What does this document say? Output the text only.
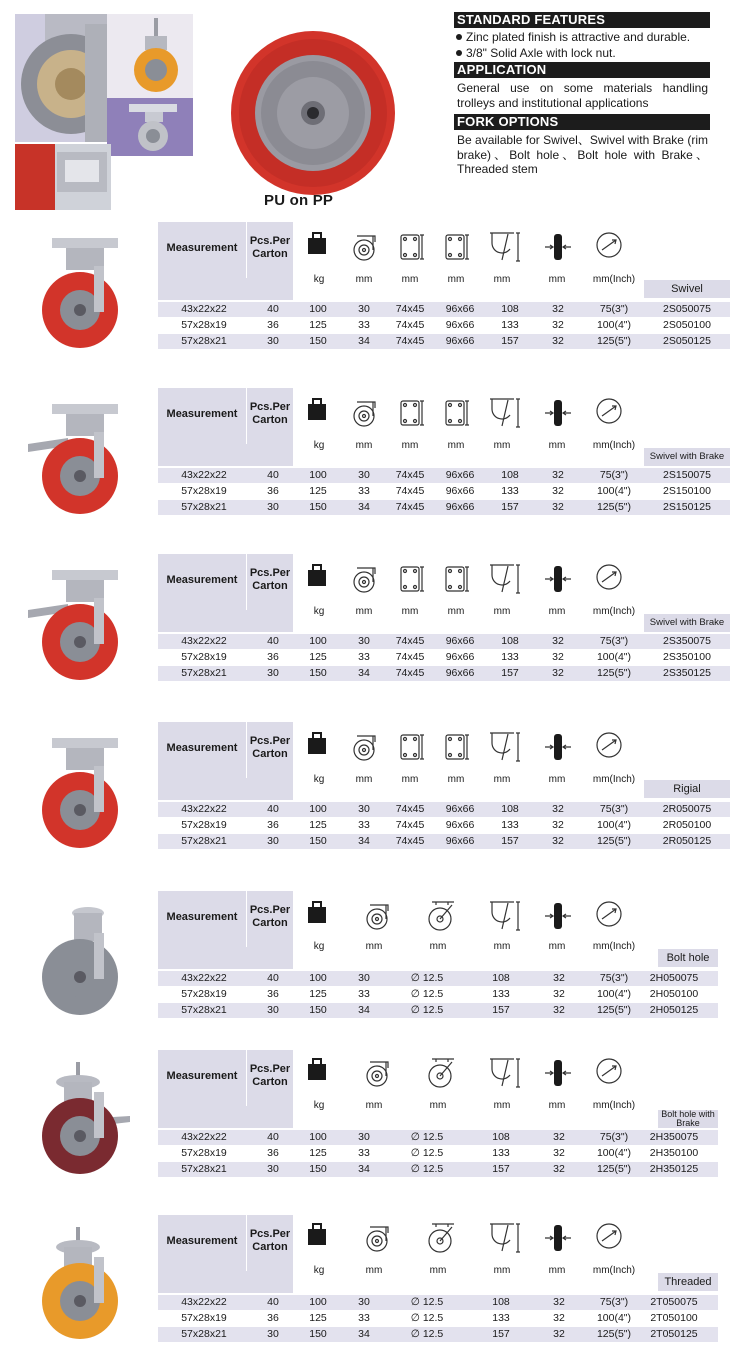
PU on PP
STANDARD FEATURES
Zinc plated finish is attractive and durable.
3/8" Solid Axle with lock nut.
APPLICATION
General use on some materials handling trolleys and institutional applications
FORK OPTIONS
Be available for Swivel、Swivel with Brake (rim brake)、Bolt hole、Bolt hole with Brake、Threaded stem
Measurement
Pcs.Per
Carton
kg	mm	mm	mm	mm	mm	mm(Inch)
Swivel
43x22x22	40	100	30	74x45	96x66	108	32	75(3")	2S050075
57x28x19	36	125	33	74x45	96x66	133	32	100(4")	2S050100
57x28x21	30	150	34	74x45	96x66	157	32	125(5")	2S050125
Measurement
Pcs.Per
Carton
kg	mm	mm	mm	mm	mm	mm(Inch)
Swivel with Brake
43x22x22	40	100	30	74x45	96x66	108	32	75(3")	2S150075
57x28x19	36	125	33	74x45	96x66	133	32	100(4")	2S150100
57x28x21	30	150	34	74x45	96x66	157	32	125(5")	2S150125
Measurement
Pcs.Per
Carton
kg	mm	mm	mm	mm	mm	mm(Inch)
Swivel with Brake
43x22x22	40	100	30	74x45	96x66	108	32	75(3")	2S350075
57x28x19	36	125	33	74x45	96x66	133	32	100(4")	2S350100
57x28x21	30	150	34	74x45	96x66	157	32	125(5")	2S350125
Measurement
Pcs.Per
Carton
kg	mm	mm	mm	mm	mm	mm(Inch)
Rigial
43x22x22	40	100	30	74x45	96x66	108	32	75(3")	2R050075
57x28x19	36	125	33	74x45	96x66	133	32	100(4")	2R050100
57x28x21	30	150	34	74x45	96x66	157	32	125(5")	2R050125
Measurement
Pcs.Per
Carton
kg	mm	mm	mm	mm	mm(Inch)
Bolt hole
43x22x22	40	100	30	∅ 12.5	108	32	75(3")	2H050075
57x28x19	36	125	33	∅ 12.5	133	32	100(4")	2H050100
57x28x21	30	150	34	∅ 12.5	157	32	125(5")	2H050125
Measurement
Pcs.Per
Carton
kg	mm	mm	mm	mm	mm(Inch)
Bolt hole with Brake
43x22x22	40	100	30	∅ 12.5	108	32	75(3")	2H350075
57x28x19	36	125	33	∅ 12.5	133	32	100(4")	2H350100
57x28x21	30	150	34	∅ 12.5	157	32	125(5")	2H350125
Measurement
Pcs.Per
Carton
kg	mm	mm	mm	mm	mm(Inch)
Threaded
43x22x22	40	100	30	∅ 12.5	108	32	75(3")	2T050075
57x28x19	36	125	33	∅ 12.5	133	32	100(4")	2T050100
57x28x21	30	150	34	∅ 12.5	157	32	125(5")	2T050125
